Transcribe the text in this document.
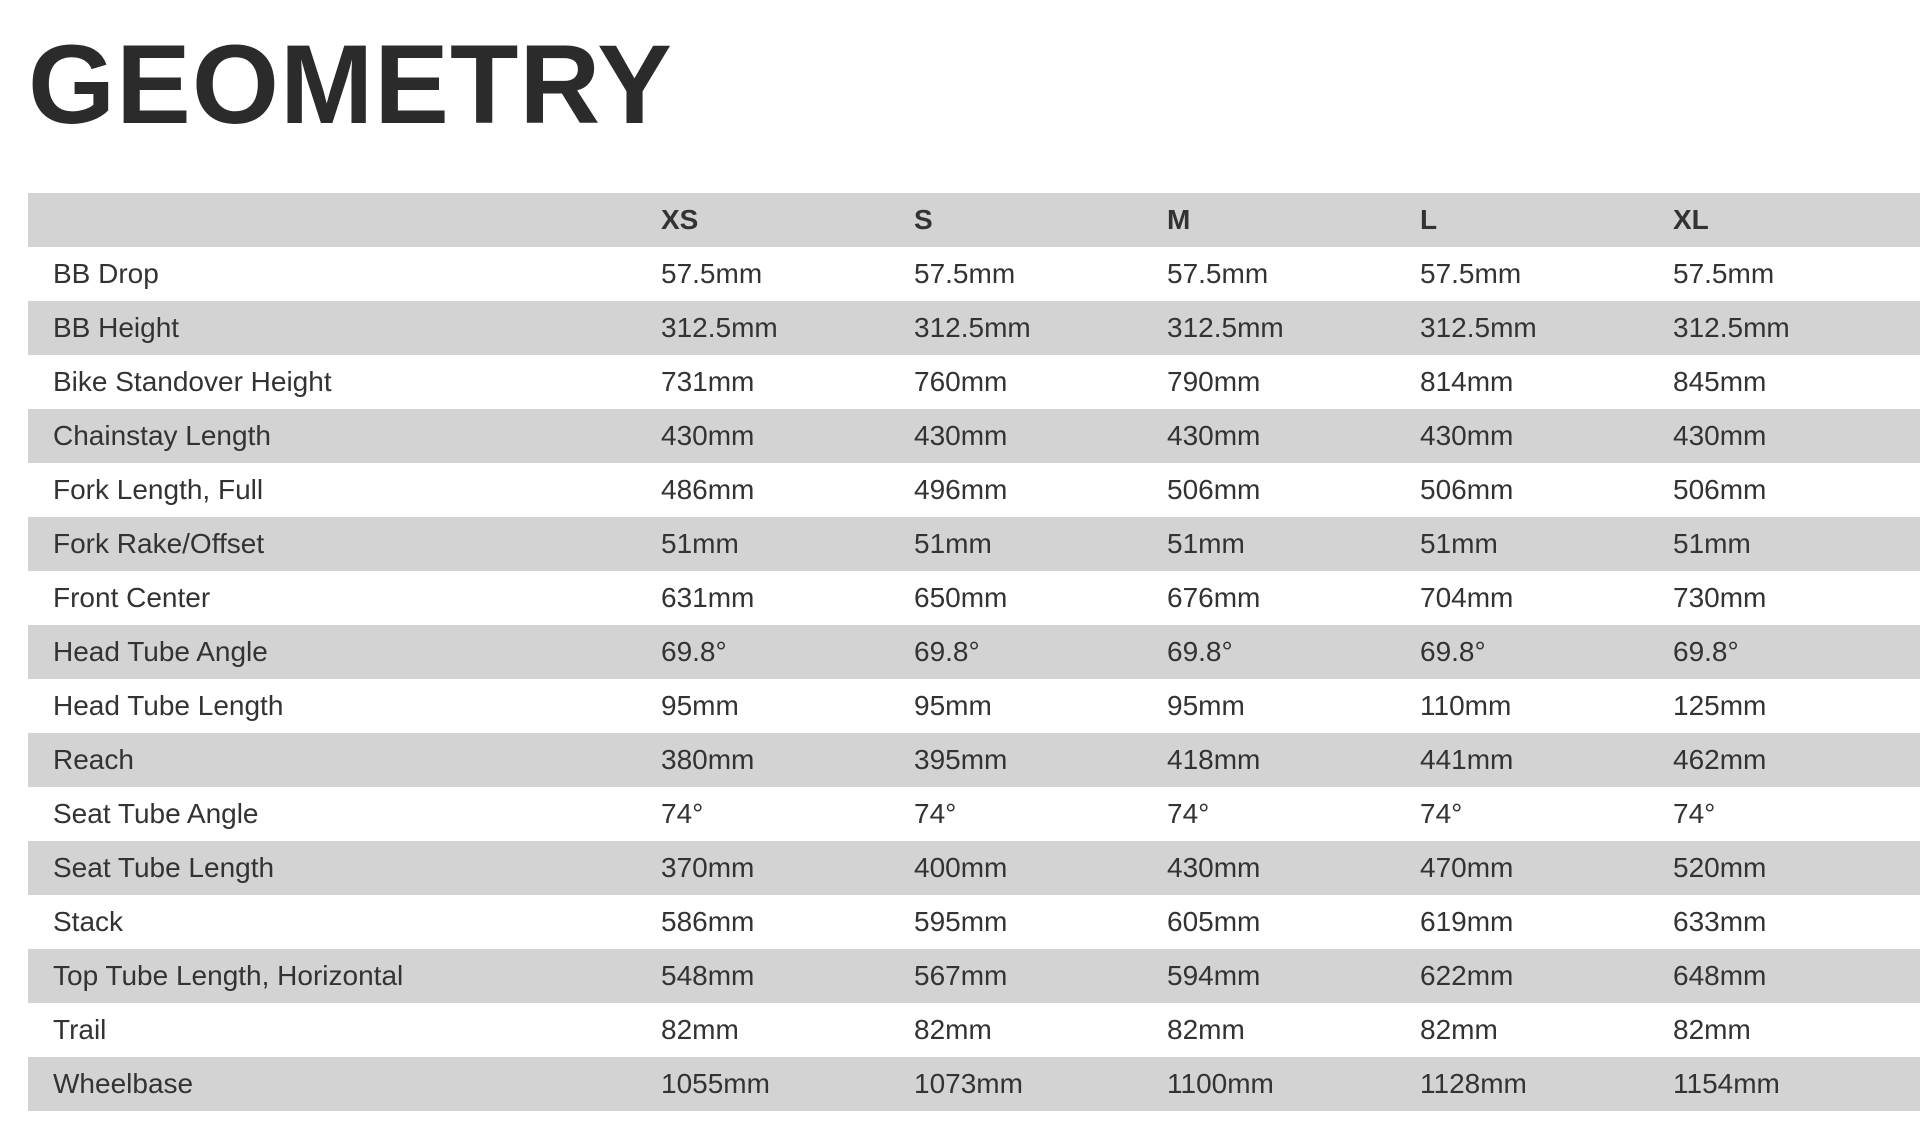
GEOMETRY
	XS	S	M	L	XL
BB Drop	57.5mm	57.5mm	57.5mm	57.5mm	57.5mm
BB Height	312.5mm	312.5mm	312.5mm	312.5mm	312.5mm
Bike Standover Height	731mm	760mm	790mm	814mm	845mm
Chainstay Length	430mm	430mm	430mm	430mm	430mm
Fork Length, Full	486mm	496mm	506mm	506mm	506mm
Fork Rake/Offset	51mm	51mm	51mm	51mm	51mm
Front Center	631mm	650mm	676mm	704mm	730mm
Head Tube Angle	69.8°	69.8°	69.8°	69.8°	69.8°
Head Tube Length	95mm	95mm	95mm	110mm	125mm
Reach	380mm	395mm	418mm	441mm	462mm
Seat Tube Angle	74°	74°	74°	74°	74°
Seat Tube Length	370mm	400mm	430mm	470mm	520mm
Stack	586mm	595mm	605mm	619mm	633mm
Top Tube Length, Horizontal	548mm	567mm	594mm	622mm	648mm
Trail	82mm	82mm	82mm	82mm	82mm
Wheelbase	1055mm	1073mm	1100mm	1128mm	1154mm
